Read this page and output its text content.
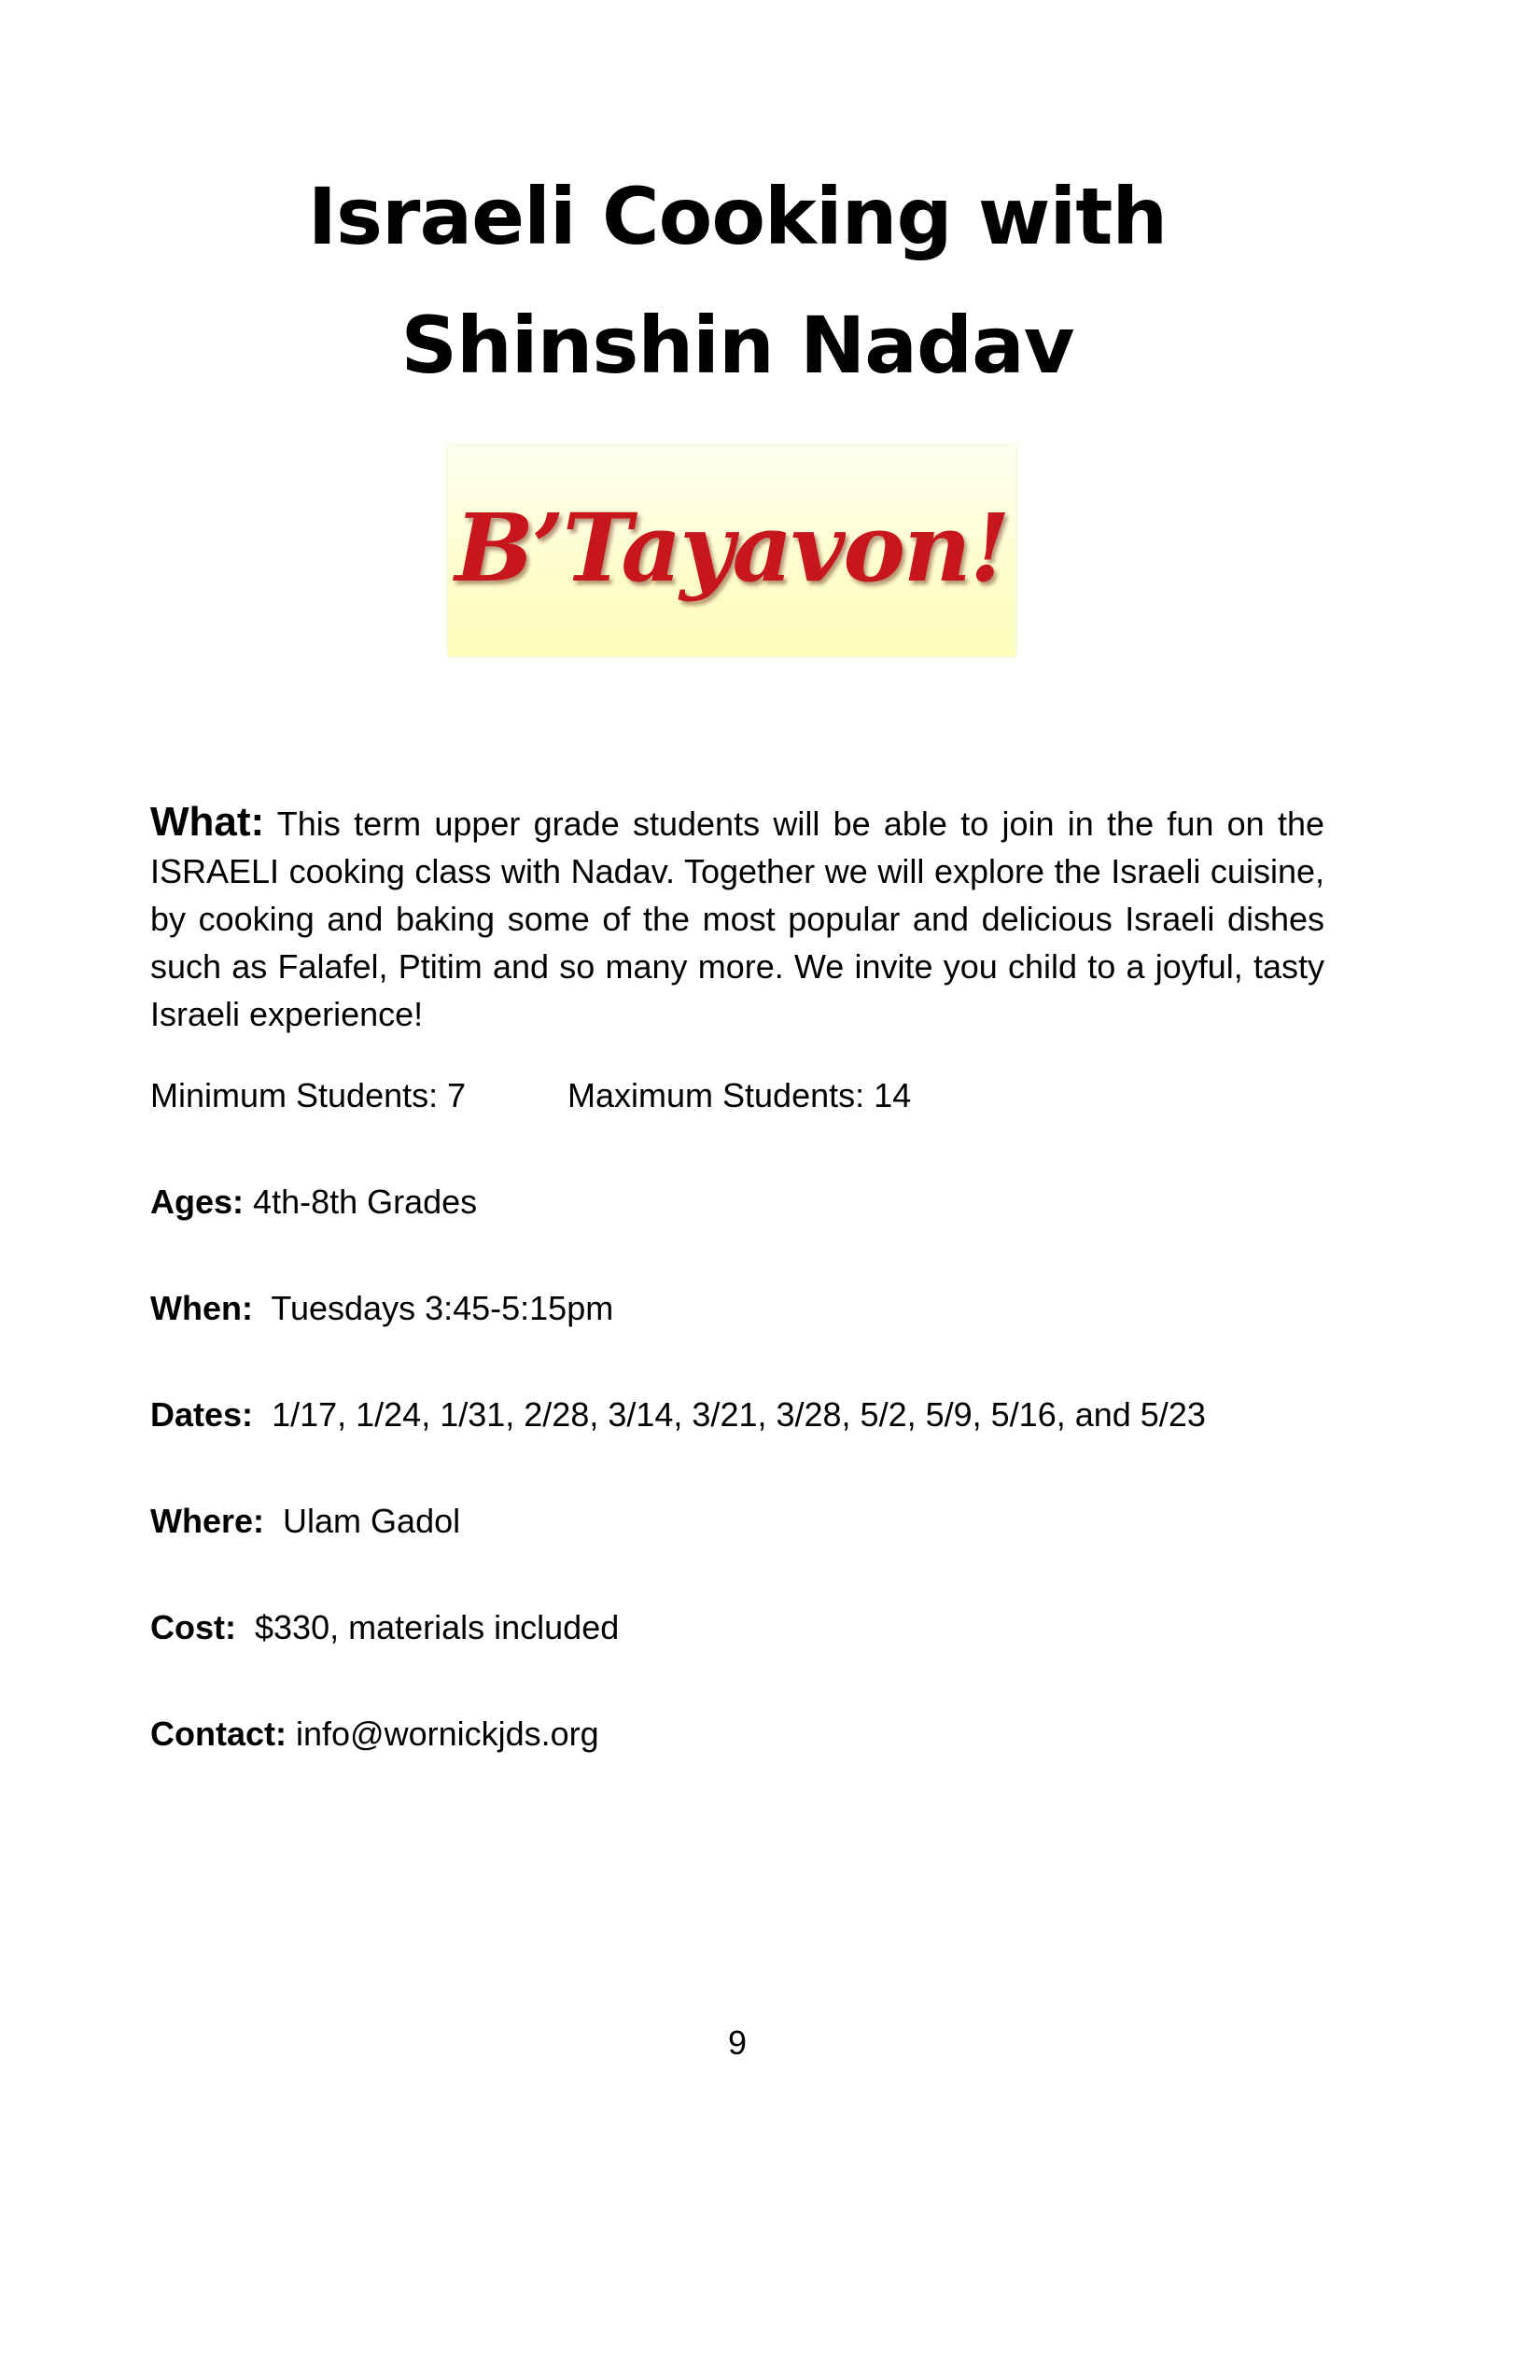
Israeli Cooking with
Shinshin Nadav
B’Tayavon!
What: This term upper grade students will be able to join in the fun on the ISRAELI cooking class with Nadav. Together we will explore the Israeli cuisine, by cooking and baking some of the most popular and delicious Israeli dishes such as Falafel, Ptitim and so many more. We invite you child to a joyful, tasty Israeli experience!
Minimum Students: 7	Maximum Students: 14
Ages: 4th-8th Grades
When: Tuesdays 3:45-5:15pm
Dates: 1/17, 1/24, 1/31, 2/28, 3/14, 3/21, 3/28, 5/2, 5/9, 5/16, and 5/23
Where: Ulam Gadol
Cost: $330, materials included
Contact: info@wornickjds.org
9
